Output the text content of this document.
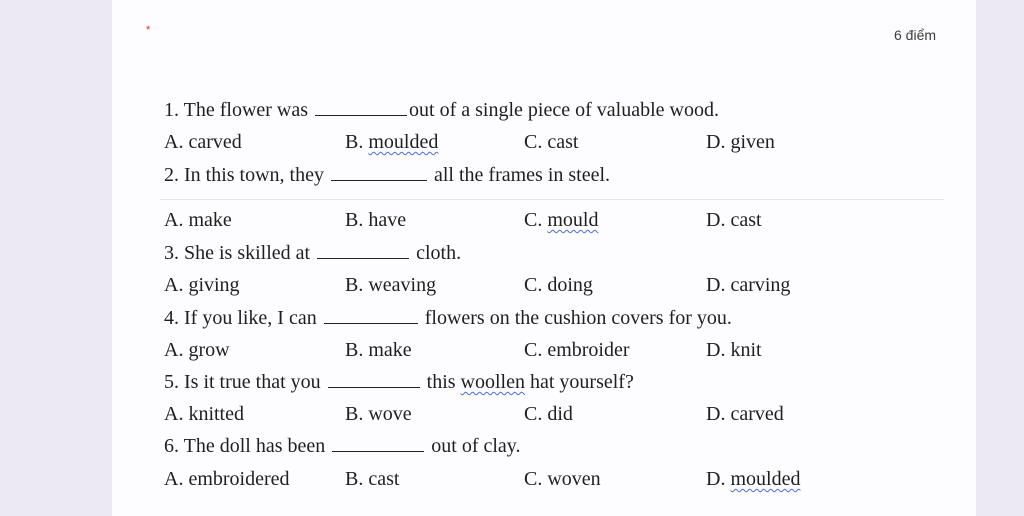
*	6 điểm
1. The flower was	out of a single piece of valuable wood.
A. carved	B. moulded	C. cast	D. given
2. In this town, they	all the frames in steel.
A. make	B. have	C. mould	D. cast
3. She is skilled at	cloth.
A. giving	B. weaving	C. doing	D. carving
4. If you like, I can	flowers on the cushion covers for you.
A. grow	B. make	C. embroider	D. knit
5. Is it true that you	this woollen hat yourself?
A. knitted	B. wove	C. did	D. carved
6. The doll has been	out of clay.
A. embroidered	B. cast	C. woven	D. moulded
